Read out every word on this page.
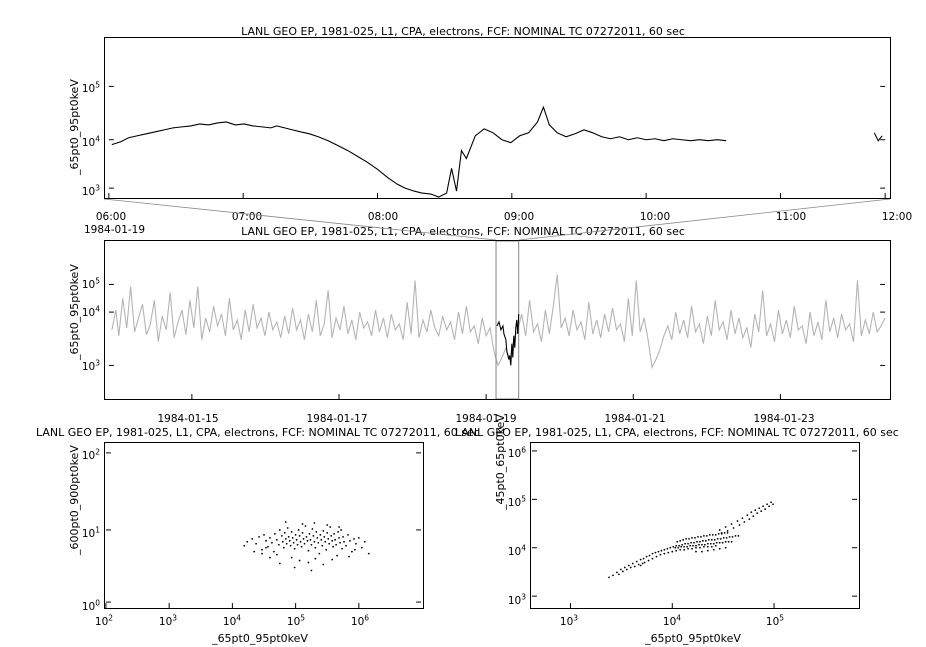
LANL GEO EP, 1981-025, L1, CPA, electrons, FCF: NOMINAL TC 07272011, 60 sec
_65pt0_95pt0keV
$10^3$
$10^4$
$10^5$
06:00	07:00	08:00	09:00	10:00	11:00	12:00
1984-01-19	LANL GEO EP, 1981-025, L1, CPA, electrons, FCF: NOMINAL TC 07272011, 60 sec
_65pt0_95pt0keV
$10^3$
$10^4$
$10^5$
1984-01-15	1984-01-17	1984-01-19	1984-01-21	1984-01-23
LANL GEO EP, 1981-025, L1, CPA, electrons, FCF: NOMINAL TC 07272011, 60 sec
_600pt0_900pt0keV
_65pt0_95pt0keV
$10^0$
$10^1$
$10^2$
$10^2$	$10^3$	$10^4$	$10^5$	$10^6$
LANL GEO EP, 1981-025, L1, CPA, electrons, FCF: NOMINAL TC 07272011, 60 sec
_45pt0_65pt0keV
_65pt0_95pt0keV
$10^3$
$10^4$
$10^5$
$10^6$
$10^3$	$10^4$	$10^5$
